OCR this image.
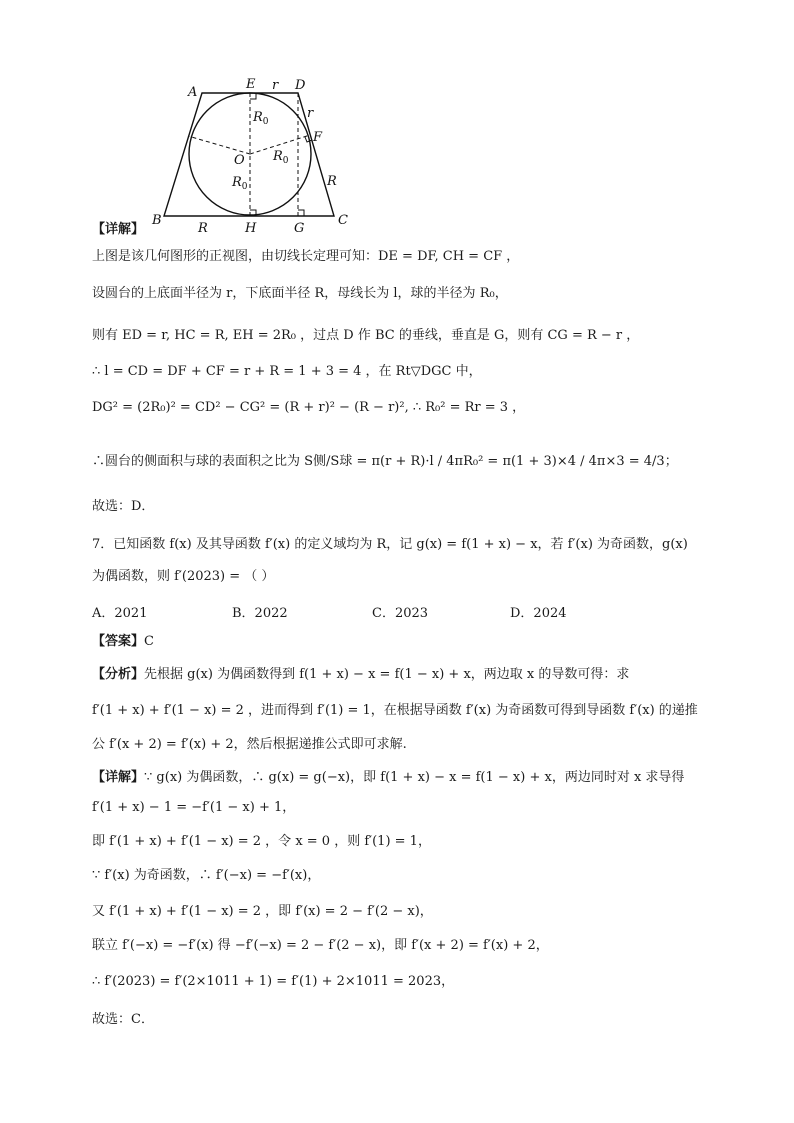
A
E r D
r
F
$R_0$
O $R_0$
$R_0$	R
B
R	H	G
C
【详解】
上图是该几何图形的正视图，由切线长定理可知：DE = DF, CH = CF ，
设圆台的上底面半径为 r，下底面半径 R，母线长为 l，球的半径为 R₀，
则有 ED = r, HC = R, EH = 2R₀ ，过点 D 作 BC 的垂线，垂直是 G，则有 CG = R − r ，
∴ l = CD = DF + CF = r + R = 1 + 3 = 4 ，在 Rt▽DGC 中，
DG² = (2R₀)² = CD² − CG² = (R + r)² − (R − r)², ∴ R₀² = Rr = 3 ，
∴圆台的侧面积与球的表面积之比为 S侧/S球 = π(r + R)·l / 4πR₀² = π(1 + 3)×4 / 4π×3 = 4/3；
故选：D．
7．已知函数 f(x) 及其导函数 f′(x) 的定义域均为 R，记 g(x) = f(1 + x) − x，若 f′(x) 为奇函数，g(x)
为偶函数，则 f′(2023) = （ ）
A．2021	B．2022	C．2023	D．2024
【答案】C
【分析】先根据 g(x) 为偶函数得到 f(1 + x) − x = f(1 − x) + x，两边取 x 的导数可得：求
f′(1 + x) + f′(1 − x) = 2 ，进而得到 f′(1) = 1，在根据导函数 f′(x) 为奇函数可得到导函数 f′(x) 的递推
公 f′(x + 2) = f′(x) + 2，然后根据递推公式即可求解.
【详解】∵ g(x) 为偶函数，∴ g(x) = g(−x)，即 f(1 + x) − x = f(1 − x) + x，两边同时对 x 求导得
f′(1 + x) − 1 = −f′(1 − x) + 1，
即 f′(1 + x) + f′(1 − x) = 2 ，令 x = 0 ，则 f′(1) = 1，
∵ f′(x) 为奇函数，∴ f′(−x) = −f′(x)，
又 f′(1 + x) + f′(1 − x) = 2 ，即 f′(x) = 2 − f′(2 − x)，
联立 f′(−x) = −f′(x) 得 −f′(−x) = 2 − f′(2 − x)，即 f′(x + 2) = f′(x) + 2，
∴ f′(2023) = f′(2×1011 + 1) = f′(1) + 2×1011 = 2023，
故选：C．
